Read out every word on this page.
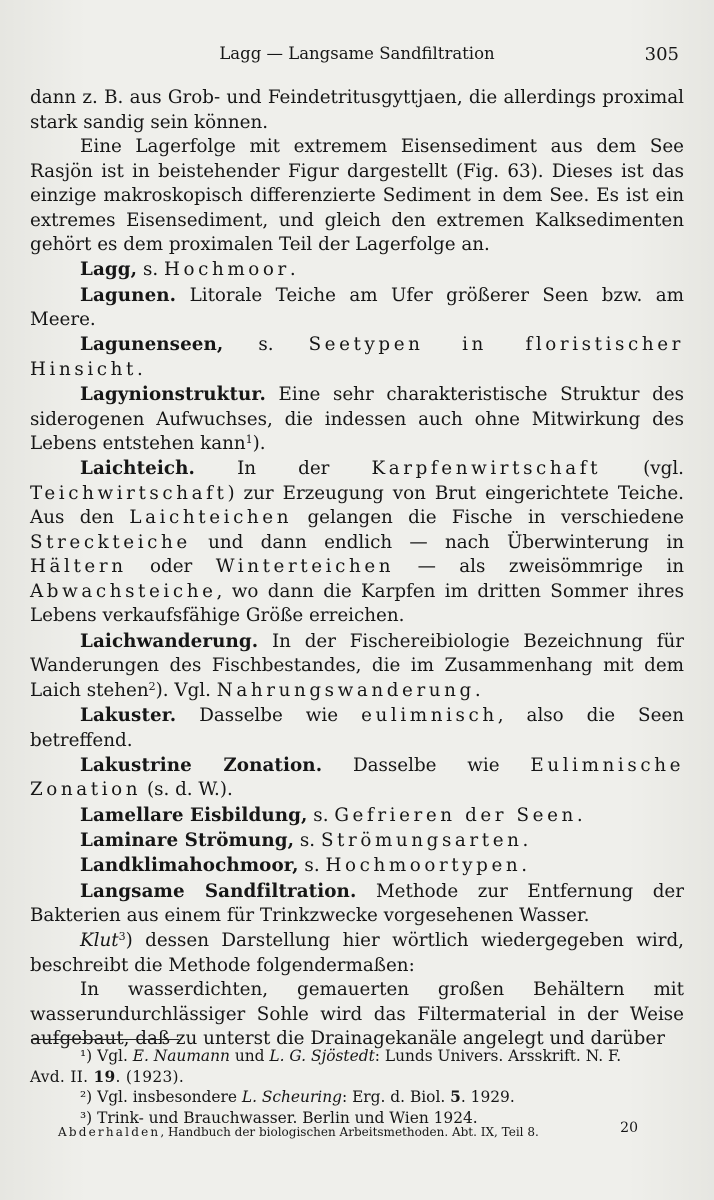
Lagg — Langsame Sandfiltration	305

dann z. B. aus Grob- und Feindetritusgyttjaen, die allerdings proximal stark sandig sein können.

Eine Lagerfolge mit extremem Eisensediment aus dem See Rasjön ist in beistehender Figur dargestellt (Fig. 63). Dieses ist das einzige makroskopisch differenzierte Sediment in dem See. Es ist ein extremes Eisensediment, und gleich den extremen Kalksedimenten gehört es dem proximalen Teil der Lagerfolge an.

Lagg, s. Hochmoor.

Lagunen. Litorale Teiche am Ufer größerer Seen bzw. am Meere.

Lagunenseen, s. Seetypen in floristischer Hinsicht.

Lagynionstruktur. Eine sehr charakteristische Struktur des siderogenen Aufwuchses, die indessen auch ohne Mitwirkung des Lebens entstehen kann$^1$).

Laichteich. In der Karpfenwirtschaft (vgl. Teichwirtschaft) zur Erzeugung von Brut eingerichtete Teiche. Aus den Laichteichen gelangen die Fische in verschiedene Streckteiche und dann endlich — nach Überwinterung in Hältern oder Winterteichen — als zweisömmrige in Abwachsteiche, wo dann die Karpfen im dritten Sommer ihres Lebens verkaufsfähige Größe erreichen.

Laichwanderung. In der Fischereibiologie Bezeichnung für Wanderungen des Fischbestandes, die im Zusammenhang mit dem Laich stehen$^2$). Vgl. Nahrungswanderung.

Lakuster. Dasselbe wie eulimnisch, also die Seen betreffend.

Lakustrine Zonation. Dasselbe wie Eulimnische Zonation (s. d. W.).

Lamellare Eisbildung, s. Gefrieren der Seen.

Laminare Strömung, s. Strömungsarten.

Landklimahochmoor, s. Hochmoortypen.

Langsame Sandfiltration. Methode zur Entfernung der Bakterien aus einem für Trinkzwecke vorgesehenen Wasser.

Klut$^3$) dessen Darstellung hier wörtlich wiedergegeben wird, beschreibt die Methode folgendermaßen:

In wasserdichten, gemauerten großen Behältern mit wasserundurchlässiger Sohle wird das Filtermaterial in der Weise aufgebaut, daß zu unterst die Drainagekanäle angelegt und darüber

¹) Vgl. E. Naumann und L. G. Sjöstedt: Lunds Univers. Arsskrift. N. F.

Avd. II. 19. (1923).

²) Vgl. insbesondere L. Scheuring: Erg. d. Biol. 5. 1929.

³) Trink- und Brauchwasser. Berlin und Wien 1924.

Abderhalden, Handbuch der biologischen Arbeitsmethoden. Abt. IX, Teil 8.	20
